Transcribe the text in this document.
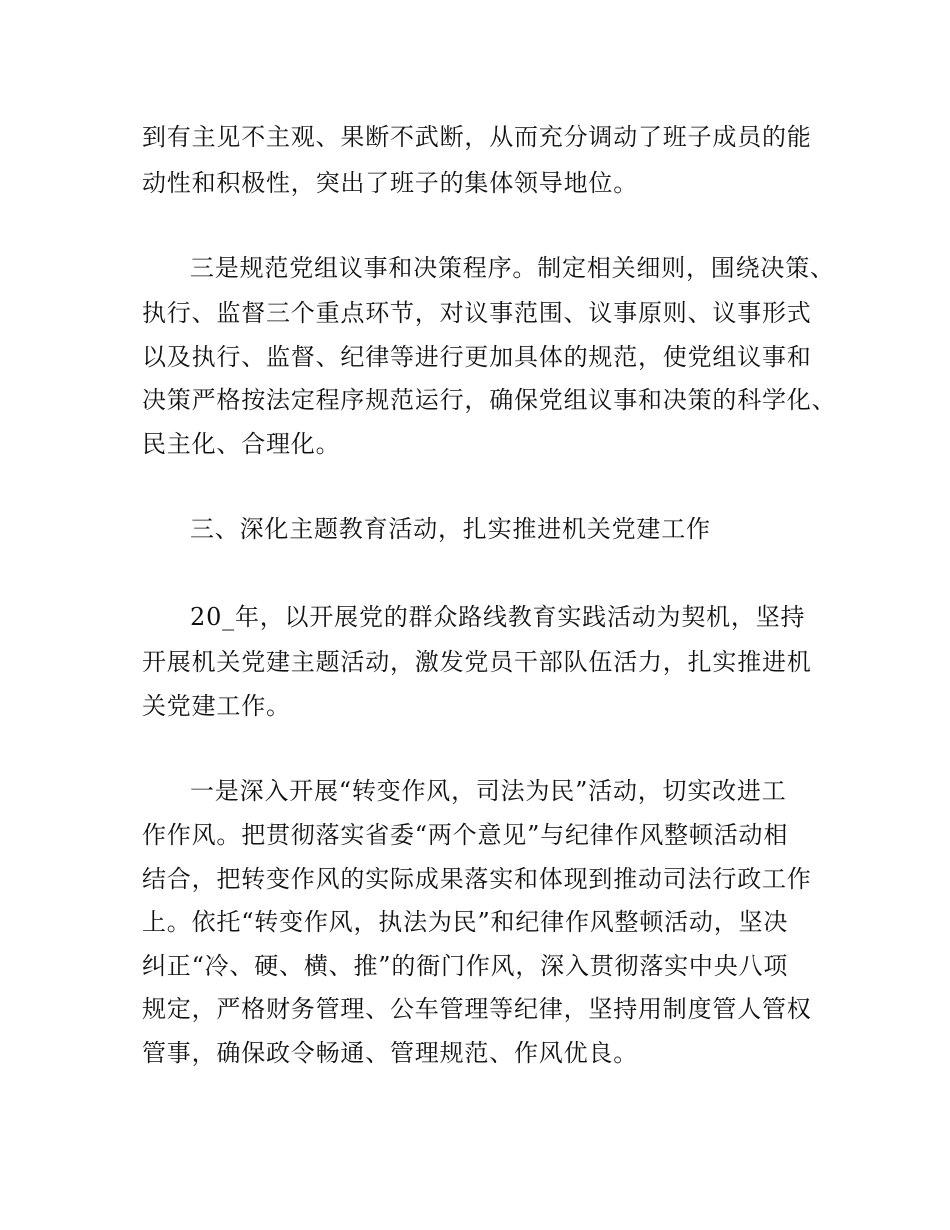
到有主见不主观、果断不武断，从而充分调动了班子成员的能
动性和积极性，突出了班子的集体领导地位。
三是规范党组议事和决策程序。制定相关细则，围绕决策、
执行、监督三个重点环节，对议事范围、议事原则、议事形式
以及执行、监督、纪律等进行更加具体的规范，使党组议事和
决策严格按法定程序规范运行，确保党组议事和决策的科学化、
民主化、合理化。
三、深化主题教育活动，扎实推进机关党建工作
20_年，以开展党的群众路线教育实践活动为契机，坚持
开展机关党建主题活动，激发党员干部队伍活力，扎实推进机
关党建工作。
一是深入开展“转变作风，司法为民”活动，切实改进工
作作风。把贯彻落实省委“两个意见”与纪律作风整顿活动相
结合，把转变作风的实际成果落实和体现到推动司法行政工作
上。依托“转变作风，执法为民”和纪律作风整顿活动，坚决
纠正“冷、硬、横、推”的衙门作风，深入贯彻落实中央八项
规定，严格财务管理、公车管理等纪律，坚持用制度管人管权
管事，确保政令畅通、管理规范、作风优良。
